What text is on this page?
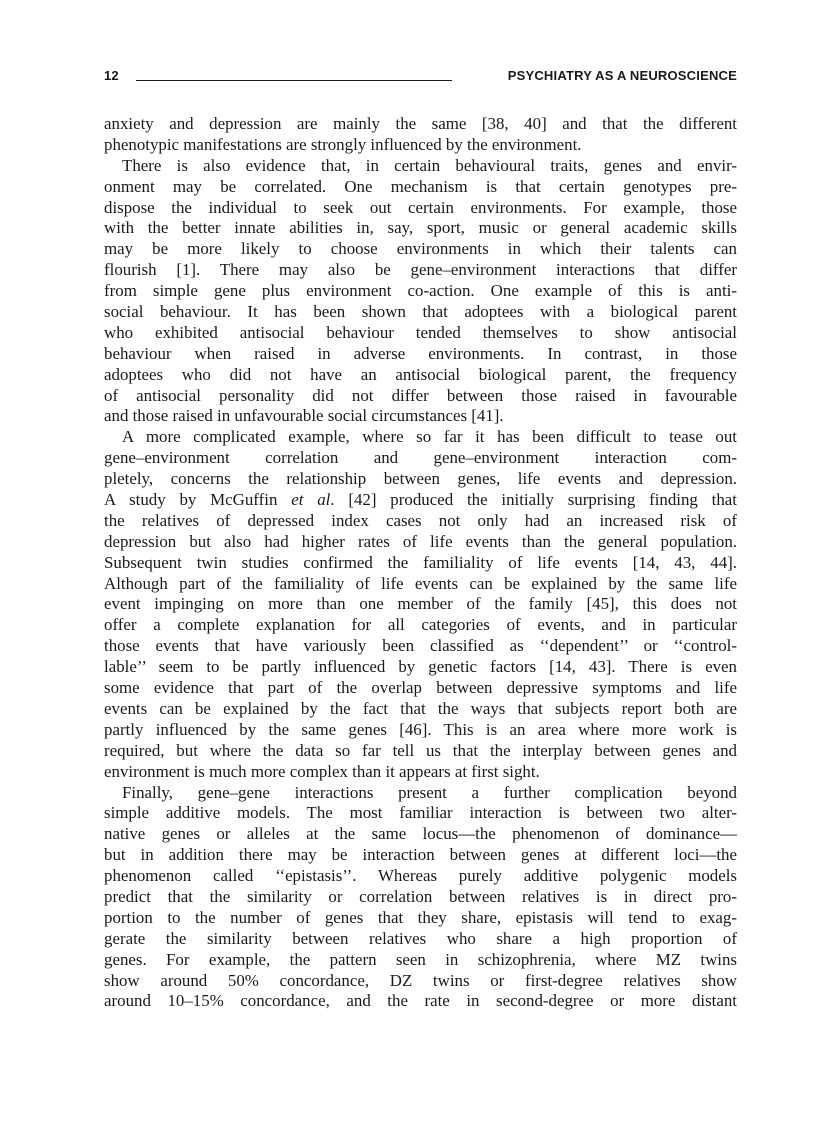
12	PSYCHIATRY AS A NEUROSCIENCE
anxiety and depression are mainly the same [38, 40] and that the different
phenotypic manifestations are strongly influenced by the environment.
There is also evidence that, in certain behavioural traits, genes and envir-
onment may be correlated. One mechanism is that certain genotypes pre-
dispose the individual to seek out certain environments. For example, those
with the better innate abilities in, say, sport, music or general academic skills
may be more likely to choose environments in which their talents can
flourish [1]. There may also be gene–environment interactions that differ
from simple gene plus environment co-action. One example of this is anti-
social behaviour. It has been shown that adoptees with a biological parent
who exhibited antisocial behaviour tended themselves to show antisocial
behaviour when raised in adverse environments. In contrast, in those
adoptees who did not have an antisocial biological parent, the frequency
of antisocial personality did not differ between those raised in favourable
and those raised in unfavourable social circumstances [41].
A more complicated example, where so far it has been difficult to tease out
gene–environment correlation and gene–environment interaction com-
pletely, concerns the relationship between genes, life events and depression.
A study by McGuffin et al. [42] produced the initially surprising finding that
the relatives of depressed index cases not only had an increased risk of
depression but also had higher rates of life events than the general population.
Subsequent twin studies confirmed the familiality of life events [14, 43, 44].
Although part of the familiality of life events can be explained by the same life
event impinging on more than one member of the family [45], this does not
offer a complete explanation for all categories of events, and in particular
those events that have variously been classified as ‘‘dependent’’ or ‘‘control-
lable’’ seem to be partly influenced by genetic factors [14, 43]. There is even
some evidence that part of the overlap between depressive symptoms and life
events can be explained by the fact that the ways that subjects report both are
partly influenced by the same genes [46]. This is an area where more work is
required, but where the data so far tell us that the interplay between genes and
environment is much more complex than it appears at first sight.
Finally, gene–gene interactions present a further complication beyond
simple additive models. The most familiar interaction is between two alter-
native genes or alleles at the same locus—the phenomenon of dominance—
but in addition there may be interaction between genes at different loci—the
phenomenon called ‘‘epistasis’’. Whereas purely additive polygenic models
predict that the similarity or correlation between relatives is in direct pro-
portion to the number of genes that they share, epistasis will tend to exag-
gerate the similarity between relatives who share a high proportion of
genes. For example, the pattern seen in schizophrenia, where MZ twins
show around 50% concordance, DZ twins or first-degree relatives show
around 10–15% concordance, and the rate in second-degree or more distant
